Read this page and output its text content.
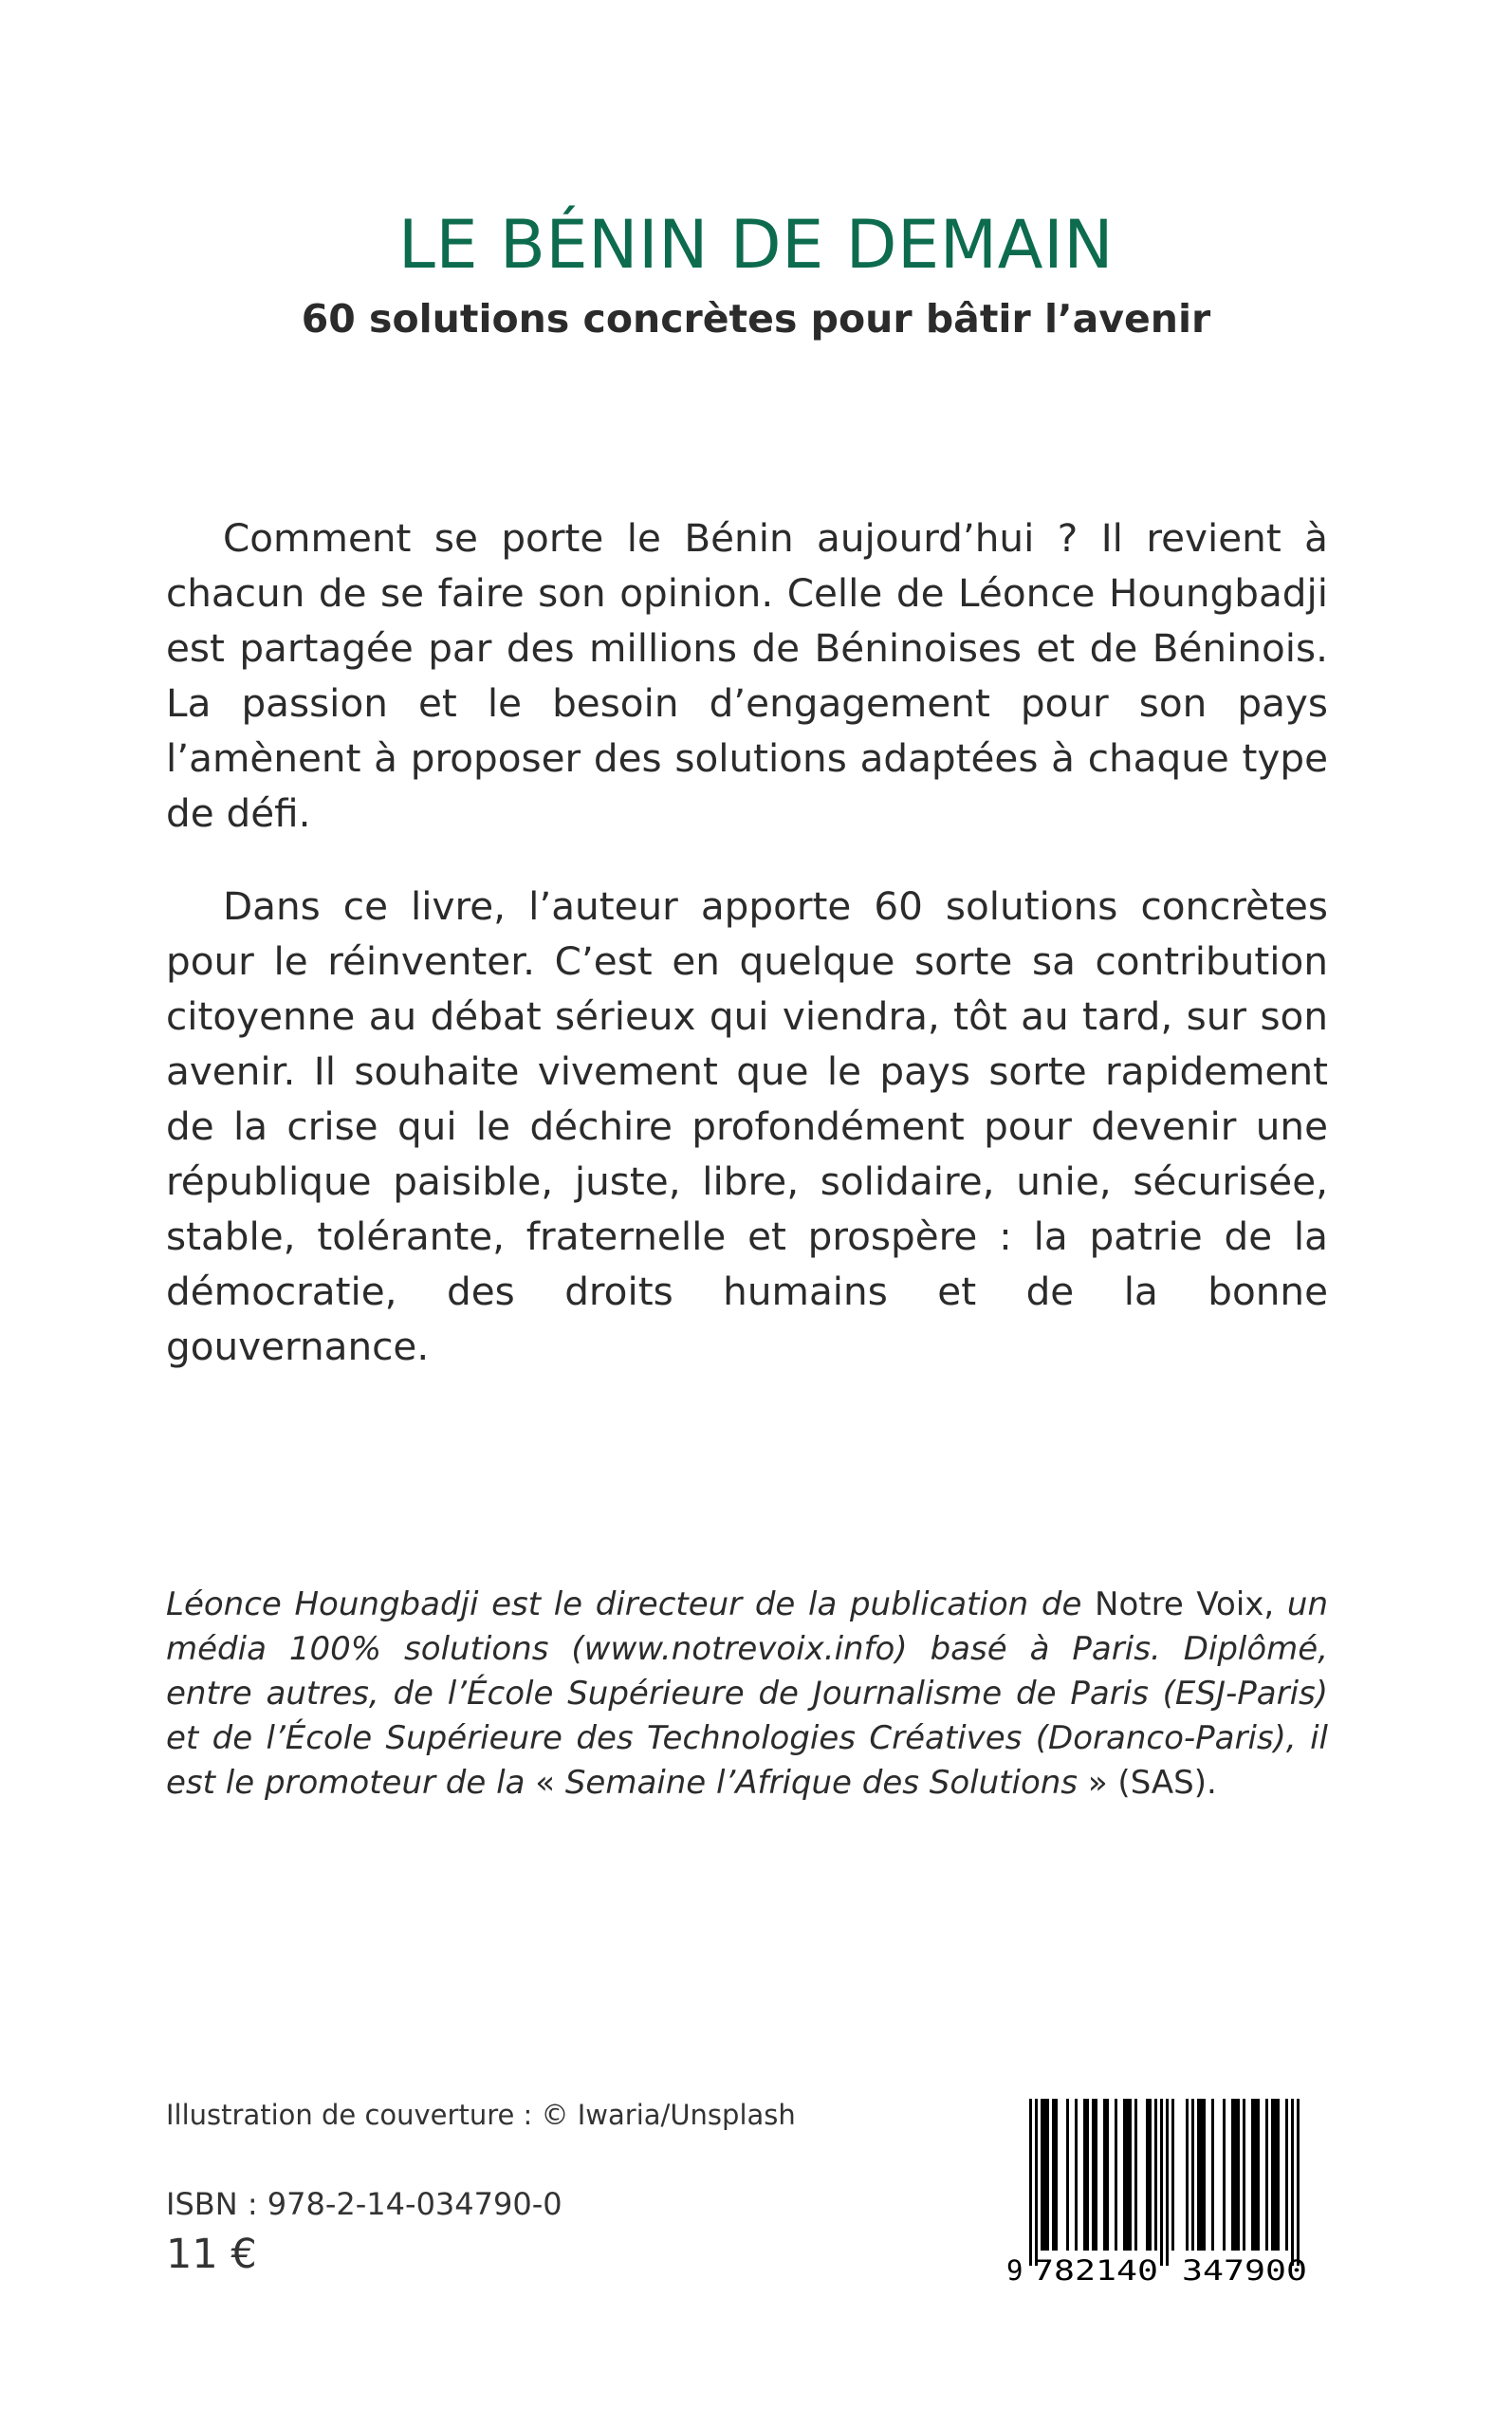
LE BÉNIN DE DEMAIN
60 solutions concrètes pour bâtir l’avenir

Comment se porte le Bénin aujourd’hui ? Il revient à chacun de se faire son opinion. Celle de Léonce Houngbadji est partagée par des millions de Béninoises et de Béninois. La passion et le besoin d’engagement pour son pays l’amènent à proposer des solutions adaptées à chaque type de défi.

Dans ce livre, l’auteur apporte 60 solutions concrètes pour le réinventer. C’est en quelque sorte sa contribution citoyenne au débat sérieux qui viendra, tôt au tard, sur son avenir. Il souhaite vivement que le pays sorte rapidement de la crise qui le déchire profondément pour devenir une république paisible, juste, libre, solidaire, unie, sécurisée, stable, tolérante, fraternelle et prospère : la patrie de la démocratie, des droits humains et de la bonne gouvernance.

Léonce Houngbadji est le directeur de la publication de Notre Voix, un média 100% solutions (www.notrevoix.info) basé à Paris. Diplômé, entre autres, de l’École Supérieure de Journalisme de Paris (ESJ-Paris) et de l’École Supérieure des Technologies Créatives (Doranco-Paris), il est le promoteur de la « Semaine l’Afrique des Solutions » (SAS).

Illustration de couverture : © Iwaria/Unsplash

ISBN : 978-2-14-034790-0

11 €	9 782140 347900
